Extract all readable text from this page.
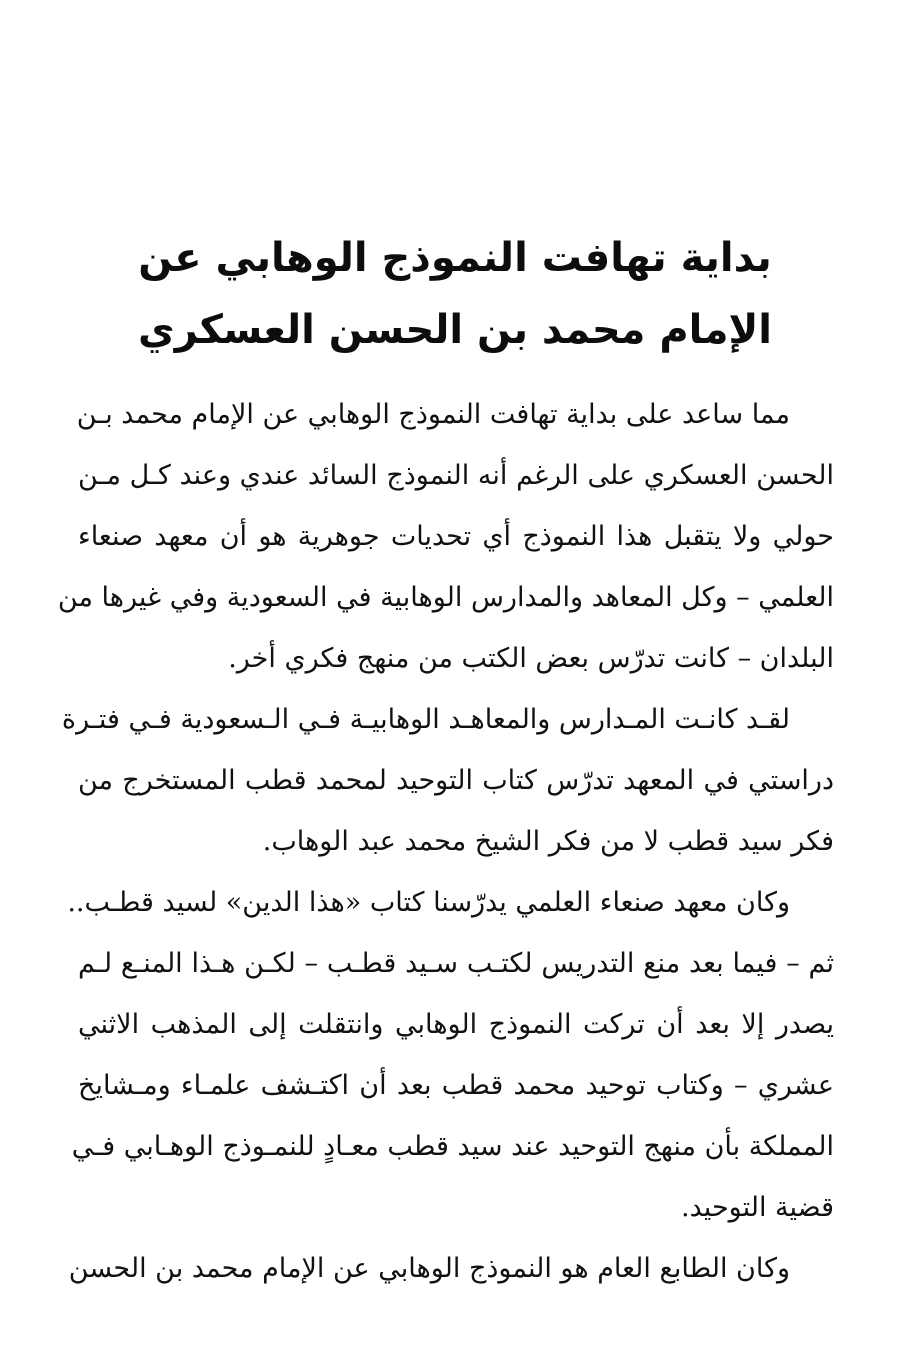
بداية تهافت النموذج الوهابي عن
الإمام محمد بن الحسن العسكري

مما ساعد على بداية تهافت النموذج الوهابي عن الإمام محمد بـن
الحسن العسكري على الرغم أنه النموذج السائد عندي وعند كـل مـن
حولي ولا يتقبل هذا النموذج أي تحديات جوهرية هو أن معهد صنعاء
العلمي – وكل المعاهد والمدارس الوهابية في السعودية وفي غيرها من
البلدان – كانت تدرّس بعض الكتب من منهج فكري أخر.

لقـد كانـت المـدارس والمعاهـد الوهابيـة فـي الـسعودية فـي فتـرة
دراستي في المعهد تدرّس كتاب التوحيد لمحمد قطب المستخرج من
فكر سيد قطب لا من فكر الشيخ محمد عبد الوهاب.

وكان معهد صنعاء العلمي يدرّسنا كتاب «هذا الدين» لسيد قطـب..
ثم – فيما بعد منع التدريس لكتـب سـيد قطـب – لكـن هـذا المنـع لـم
يصدر إلا بعد أن تركت النموذج الوهابي وانتقلت إلى المذهب الاثني
عشري – وكتاب توحيد محمد قطب بعد أن اكتـشف علمـاء ومـشايخ
المملكة بأن منهج التوحيد عند سيد قطب معـادٍ للنمـوذج الوهـابي فـي
قضية التوحيد.

وكان الطابع العام هو النموذج الوهابي عن الإمام محمد بن الحسن
